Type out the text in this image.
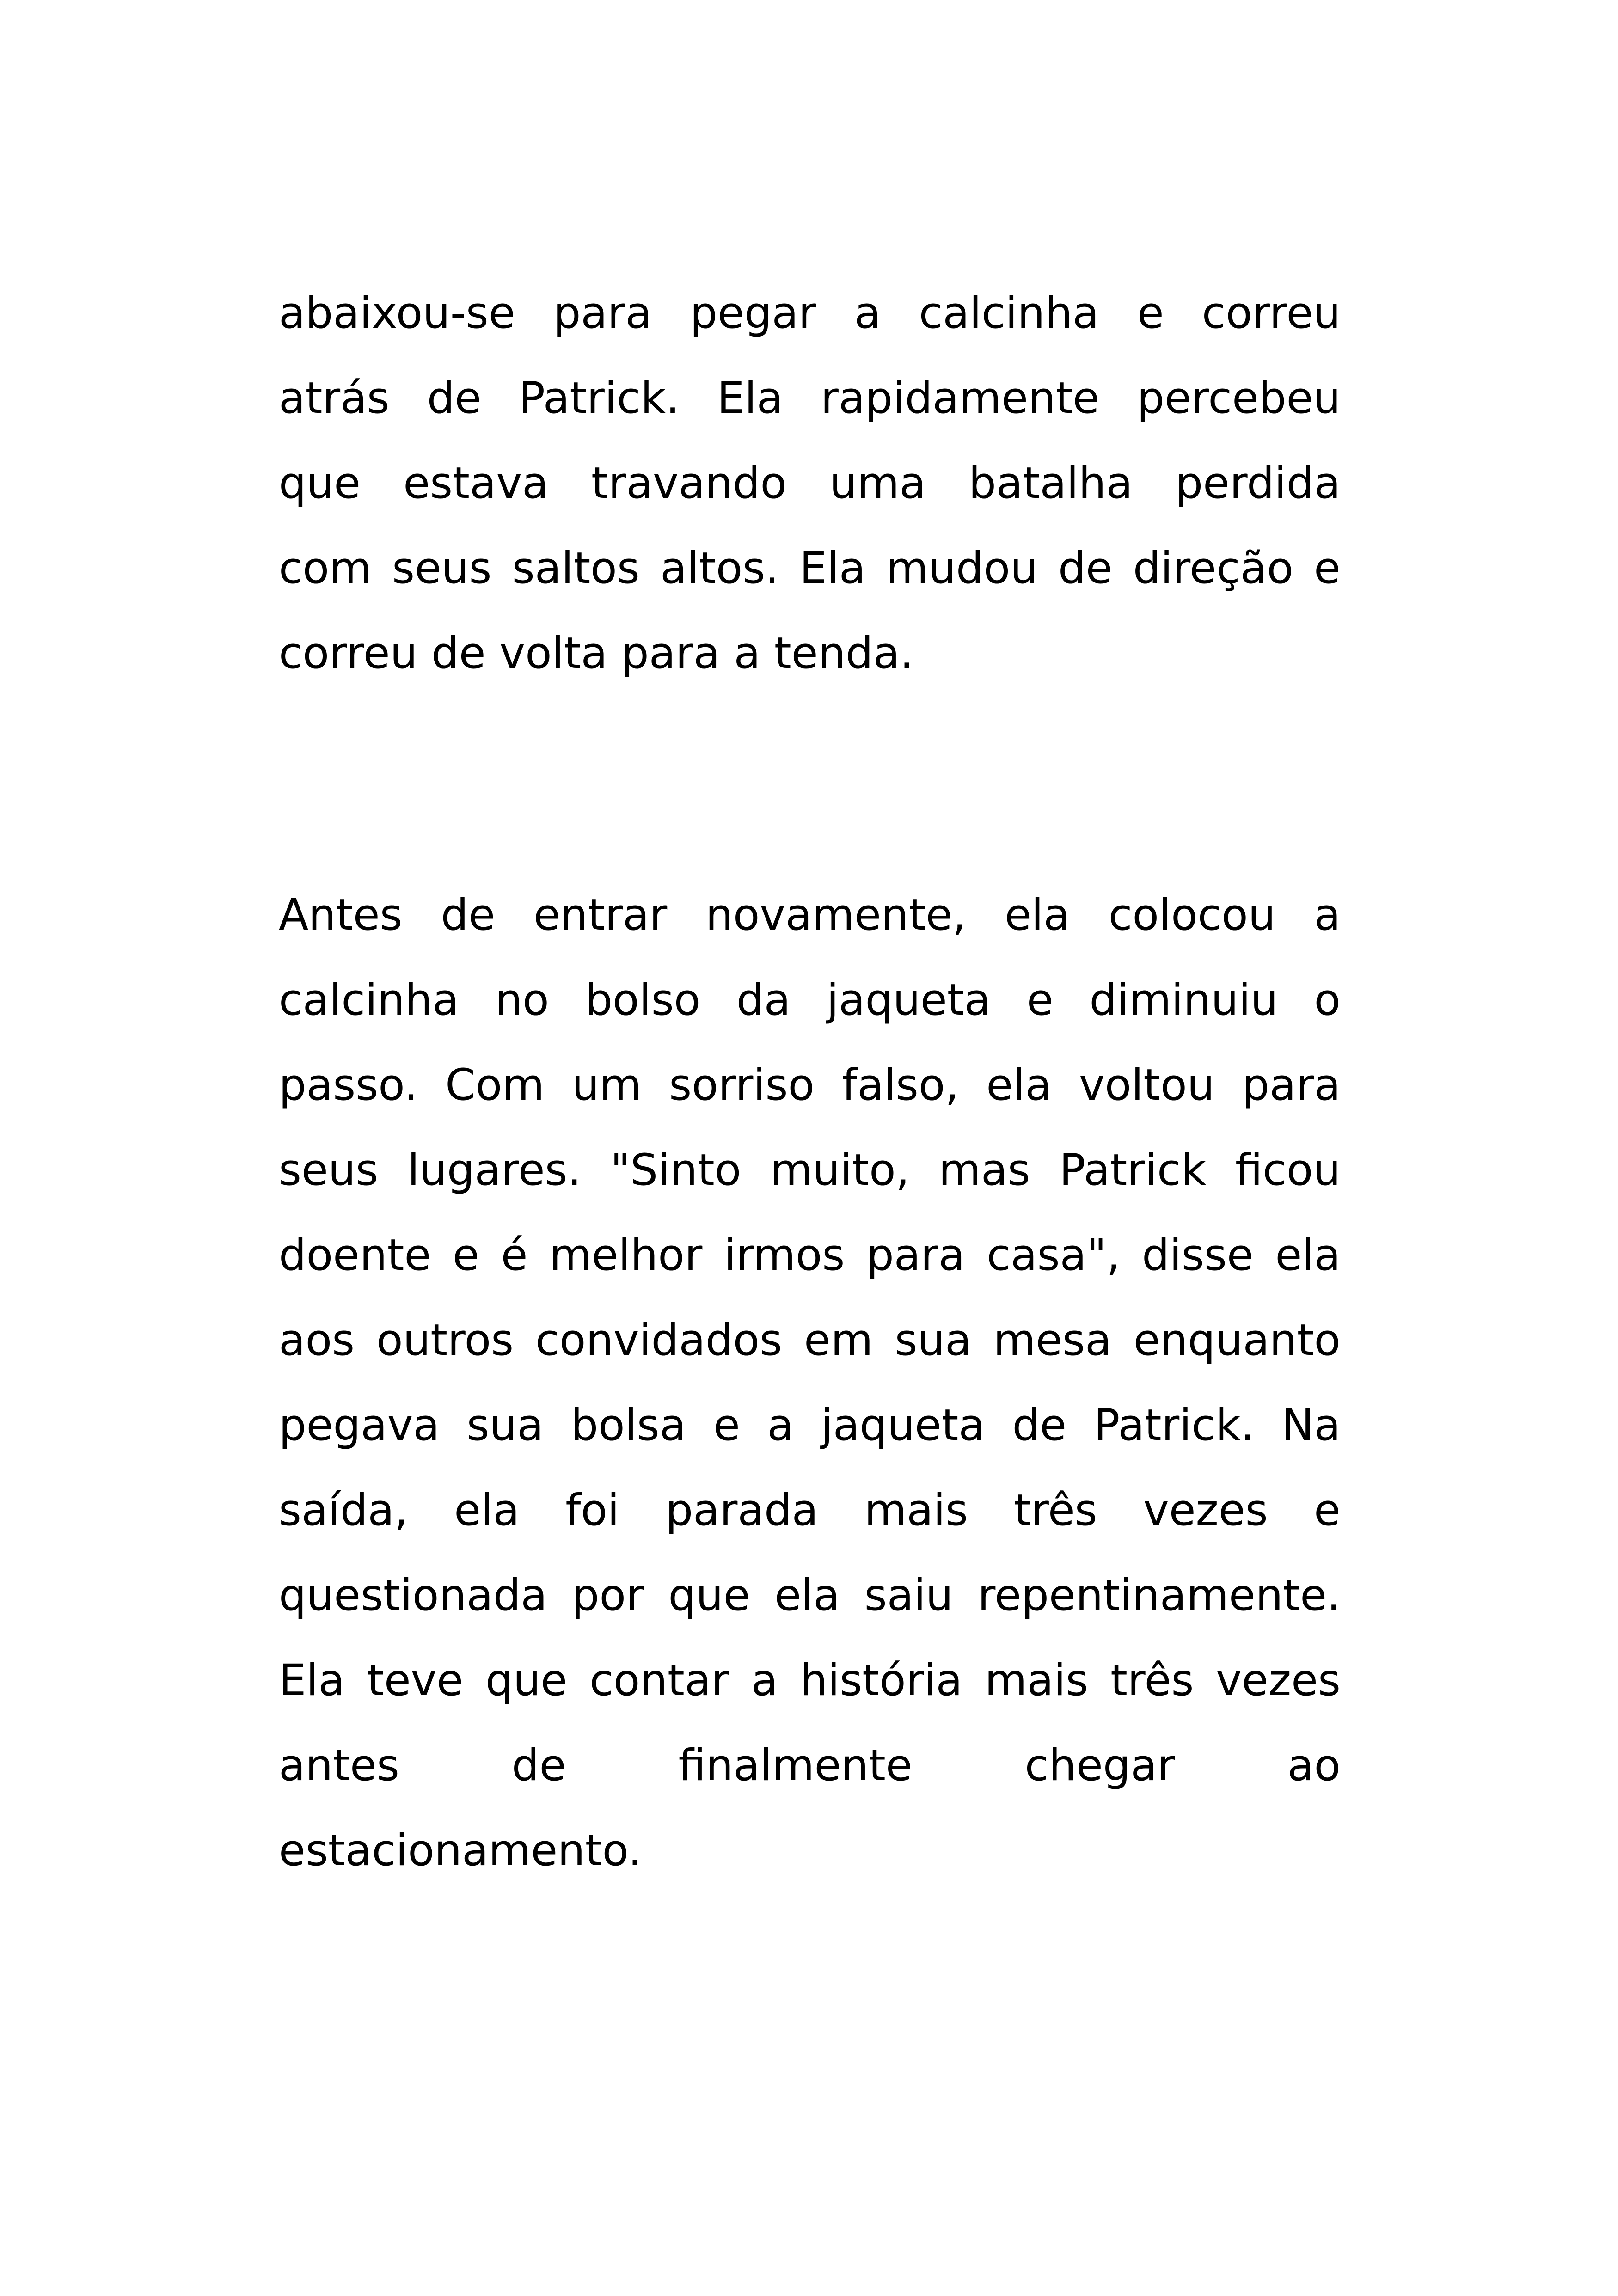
abaixou-se para pegar a calcinha e correu
atrás de Patrick. Ela rapidamente percebeu
que estava travando uma batalha perdida
com seus saltos altos. Ela mudou de direção e
correu de volta para a tenda.
Antes de entrar novamente, ela colocou a
calcinha no bolso da jaqueta e diminuiu o
passo. Com um sorriso falso, ela voltou para
seus lugares. "Sinto muito, mas Patrick ficou
doente e é melhor irmos para casa", disse ela
aos outros convidados em sua mesa enquanto
pegava sua bolsa e a jaqueta de Patrick. Na
saída, ela foi parada mais três vezes e
questionada por que ela saiu repentinamente.
Ela teve que contar a história mais três vezes
antes de finalmente chegar ao
estacionamento.
